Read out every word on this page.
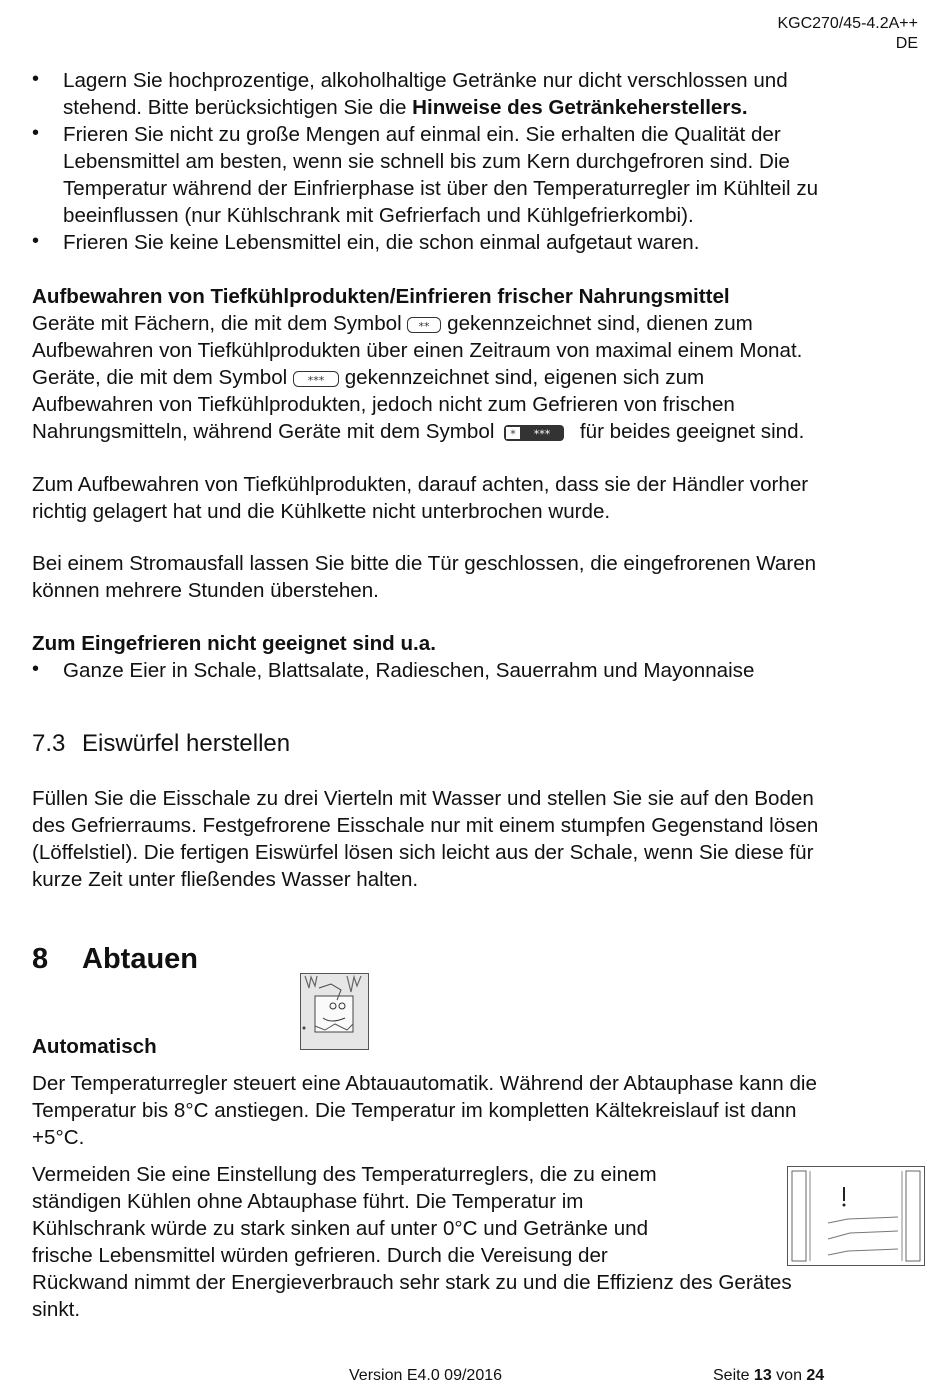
KGC270/45-4.2A++
DE
• Lagern Sie hochprozentige, alkoholhaltige Getränke nur dicht verschlossen und
stehend. Bitte berücksichtigen Sie die Hinweise des Getränkeherstellers.
• Frieren Sie nicht zu große Mengen auf einmal ein. Sie erhalten die Qualität der
Lebensmittel am besten, wenn sie schnell bis zum Kern durchgefroren sind. Die
Temperatur während der Einfrierphase ist über den Temperaturregler im Kühlteil zu
beeinflussen (nur Kühlschrank mit Gefrierfach und Kühlgefrierkombi).
• Frieren Sie keine Lebensmittel ein, die schon einmal aufgetaut waren.
Aufbewahren von Tiefkühlprodukten/Einfrieren frischer Nahrungsmittel
Geräte mit Fächern, die mit dem Symbol ** gekennzeichnet sind, dienen zum
Aufbewahren von Tiefkühlprodukten über einen Zeitraum von maximal einem Monat.
Geräte, die mit dem Symbol *** gekennzeichnet sind, eigenen sich zum
Aufbewahren von Tiefkühlprodukten, jedoch nicht zum Gefrieren von frischen
Nahrungsmitteln, während Geräte mit dem Symbol * *** für beides geeignet sind.
Zum Aufbewahren von Tiefkühlprodukten, darauf achten, dass sie der Händler vorher
richtig gelagert hat und die Kühlkette nicht unterbrochen wurde.
Bei einem Stromausfall lassen Sie bitte die Tür geschlossen, die eingefrorenen Waren
können mehrere Stunden überstehen.
Zum Eingefrieren nicht geeignet sind u.a.
• Ganze Eier in Schale, Blattsalate, Radieschen, Sauerrahm und Mayonnaise
7.3 Eiswürfel herstellen
Füllen Sie die Eisschale zu drei Vierteln mit Wasser und stellen Sie sie auf den Boden
des Gefrierraums. Festgefrorene Eisschale nur mit einem stumpfen Gegenstand lösen
(Löffelstiel). Die fertigen Eiswürfel lösen sich leicht aus der Schale, wenn Sie diese für
kurze Zeit unter fließendes Wasser halten.
8 Abtauen
Automatisch
Der Temperaturregler steuert eine Abtauautomatik. Während der Abtauphase kann die
Temperatur bis 8°C anstiegen. Die Temperatur im kompletten Kältekreislauf ist dann
+5°C.
Vermeiden Sie eine Einstellung des Temperaturreglers, die zu einem
ständigen Kühlen ohne Abtauphase führt. Die Temperatur im
Kühlschrank würde zu stark sinken auf unter 0°C und Getränke und
frische Lebensmittel würden gefrieren. Durch die Vereisung der
Rückwand nimmt der Energieverbrauch sehr stark zu und die Effizienz des Gerätes
sinkt.
Version E4.0 09/2016	Seite 13 von 24
